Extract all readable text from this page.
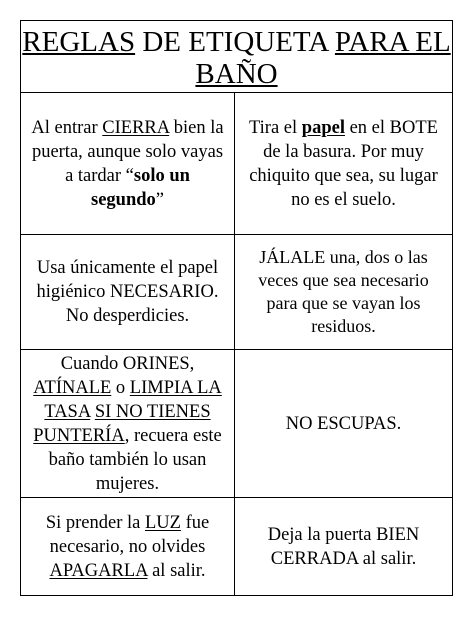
REGLAS DE ETIQUETA PARA EL
BAÑO
Al entrar CIERRA bien la puerta, aunque solo vayas a tardar “solo un segundo”
Tira el papel en el BOTE de la basura. Por muy chiquito que sea, su lugar no es el suelo.
Usa únicamente el papel higiénico NECESARIO. No desperdicies.
JÁLALE una, dos o las veces que sea necesario para que se vayan los residuos.
Cuando ORINES, ATÍNALE o LIMPIA LA TASA SI NO TIENES PUNTERÍA, recuera este baño también lo usan mujeres.
NO ESCUPAS.
Si prender la LUZ fue necesario, no olvides APAGARLA al salir.
Deja la puerta BIEN CERRADA al salir.
